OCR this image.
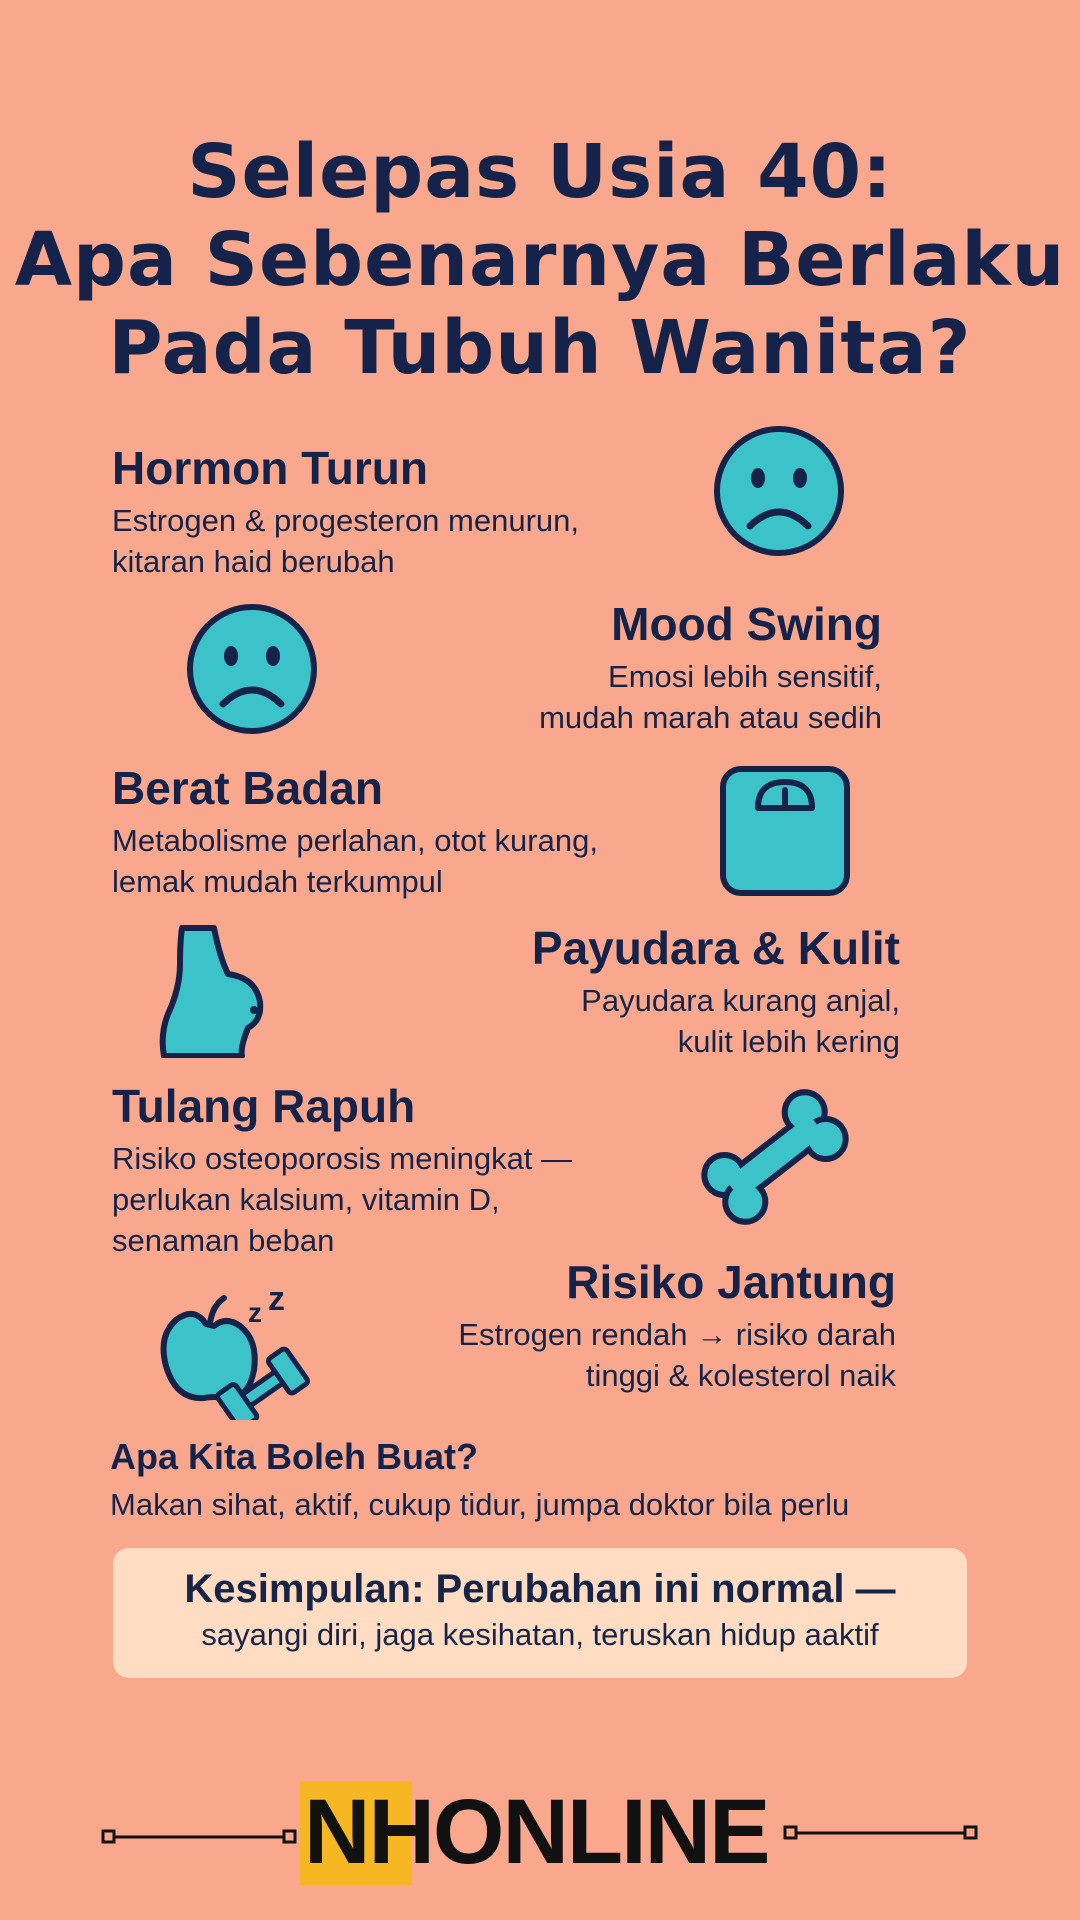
Selepas Usia 40:
Apa Sebenarnya Berlaku
Pada Tubuh Wanita?
Hormon Turun

Estrogen & progesteron menurun,
kitaran haid berubah

Mood Swing

Emosi lebih sensitif,
mudah marah atau sedih

Berat Badan

Metabolisme perlahan, otot kurang,
lemak mudah terkumpul

Payudara & Kulit

Payudara kurang anjal,
kulit lebih kering

Tulang Rapuh

Risiko osteoporosis meningkat —
perlukan kalsium, vitamin D,
senaman beban

z z	Risiko Jantung

Estrogen rendah → risiko darah
tinggi & kolesterol naik

Apa Kita Boleh Buat?

Makan sihat, aktif, cukup tidur, jumpa doktor bila perlu

Kesimpulan: Perubahan ini normal —
sayangi diri, jaga kesihatan, teruskan hidup aaktif
NHONLINE
